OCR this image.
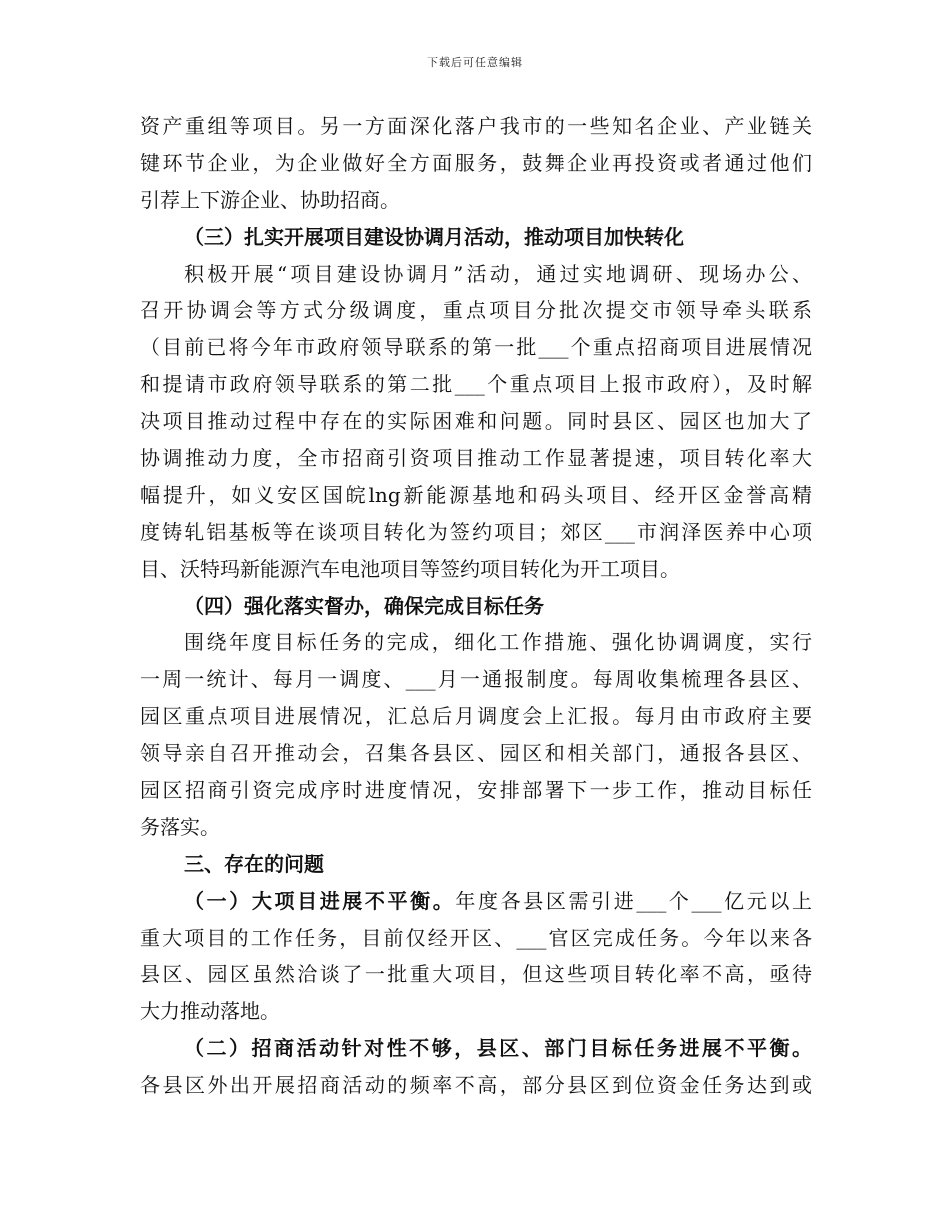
下载后可任意编辑
资产重组等项目。另一方面深化落户我市的一些知名企业、产业链关
键环节企业，为企业做好全方面服务，鼓舞企业再投资或者通过他们
引荐上下游企业、协助招商。
（三）扎实开展项目建设协调月活动，推动项目加快转化
积极开展“项目建设协调月”活动，通过实地调研、现场办公、
召开协调会等方式分级调度，重点项目分批次提交市领导牵头联系
（目前已将今年市政府领导联系的第一批___个重点招商项目进展情况
和提请市政府领导联系的第二批___个重点项目上报市政府），及时解
决项目推动过程中存在的实际困难和问题。同时县区、园区也加大了
协调推动力度，全市招商引资项目推动工作显著提速，项目转化率大
幅提升，如义安区国皖lng新能源基地和码头项目、经开区金誉高精
度铸轧铝基板等在谈项目转化为签约项目；郊区___市润泽医养中心项
目、沃特玛新能源汽车电池项目等签约项目转化为开工项目。
（四）强化落实督办，确保完成目标任务
围绕年度目标任务的完成，细化工作措施、强化协调调度，实行
一周一统计、每月一调度、___月一通报制度。每周收集梳理各县区、
园区重点项目进展情况，汇总后月调度会上汇报。每月由市政府主要
领导亲自召开推动会，召集各县区、园区和相关部门，通报各县区、
园区招商引资完成序时进度情况，安排部署下一步工作，推动目标任
务落实。
三、存在的问题
（一）大项目进展不平衡。年度各县区需引进___个___亿元以上
重大项目的工作任务，目前仅经开区、___官区完成任务。今年以来各
县区、园区虽然洽谈了一批重大项目，但这些项目转化率不高，亟待
大力推动落地。
（二）招商活动针对性不够，县区、部门目标任务进展不平衡。
各县区外出开展招商活动的频率不高，部分县区到位资金任务达到或
